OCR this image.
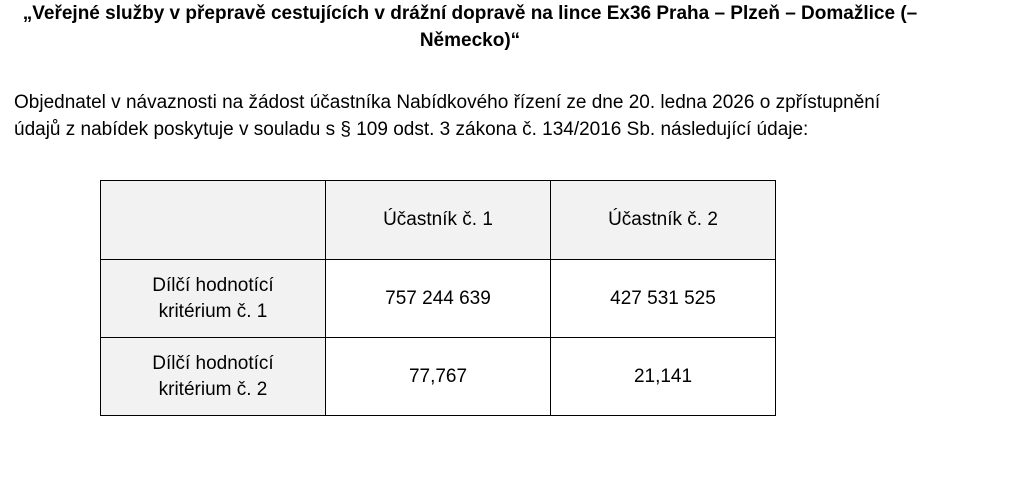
„Veřejné služby v přepravě cestujících v drážní dopravě na lince Ex36 Praha – Plzeň – Domažlice (–
Německo)“

Objednatel v návaznosti na žádost účastníka Nabídkového řízení ze dne 20. ledna 2026 o zpřístupnění
údajů z nabídek poskytuje v souladu s § 109 odst. 3 zákona č. 134/2016 Sb. následující údaje:

	Účastník č. 1	Účastník č. 2

Dílčí hodnotící
kritérium č. 1	757 244 639	427 531 525

Dílčí hodnotící
kritérium č. 2	77,767	21,141
